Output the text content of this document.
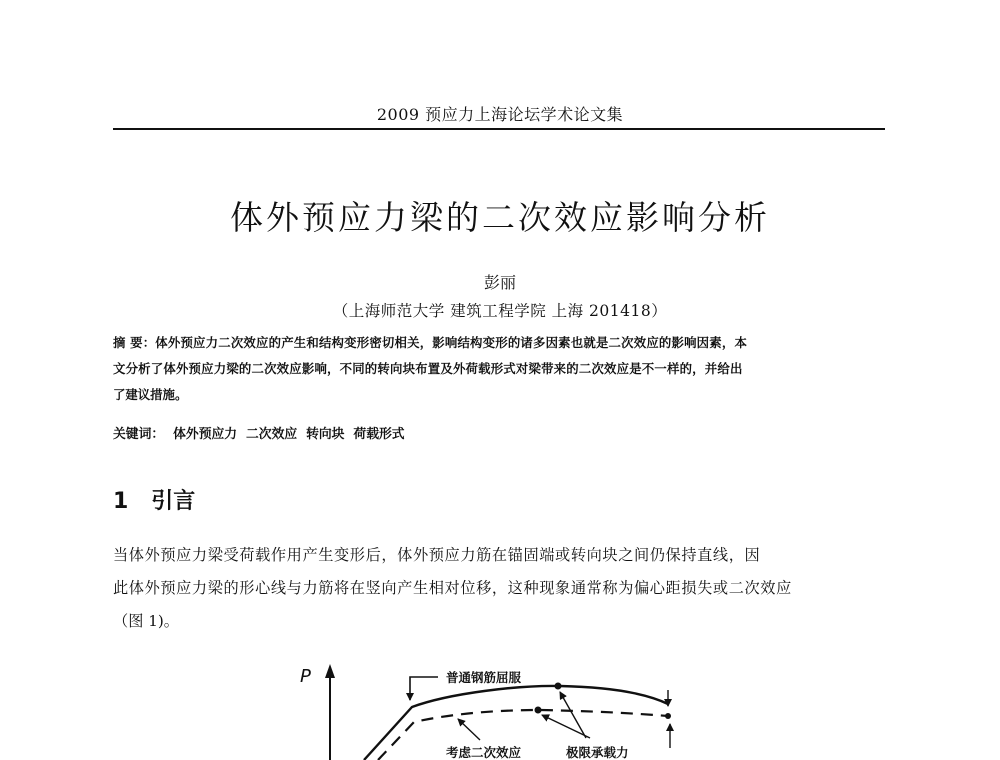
2009 预应力上海论坛学术论文集
体外预应力梁的二次效应影响分析
彭丽
（上海师范大学 建筑工程学院 上海 201418）
摘 要：体外预应力二次效应的产生和结构变形密切相关，影响结构变形的诸多因素也就是二次效应的影响因素，本
文分析了体外预应力梁的二次效应影响，不同的转向块布置及外荷载形式对梁带来的二次效应是不一样的，并给出
了建议措施。
关键词：  体外预应力  二次效应  转向块  荷载形式
1   引言
当体外预应力梁受荷载作用产生变形后，体外预应力筋在锚固端或转向块之间仍保持直线，因
此体外预应力梁的形心线与力筋将在竖向产生相对位移，这种现象通常称为偏心距损失或二次效应
（图 1)。
P	普通钢筋屈服
考虑二次效应	极限承载力
